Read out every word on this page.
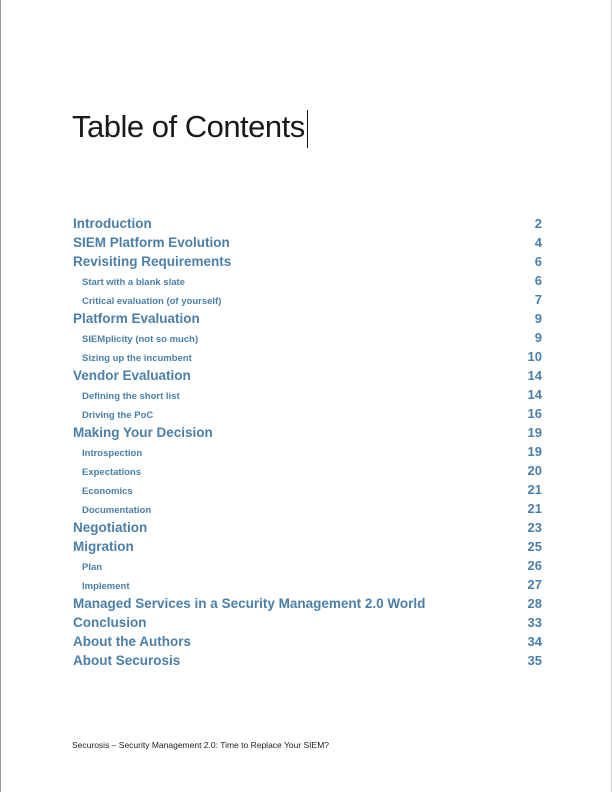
Table of Contents
Introduction	2
SIEM Platform Evolution	4
Revisiting Requirements	6
Start with a blank slate	6
Critical evaluation (of yourself)	7
Platform Evaluation	9
SIEMplicity (not so much)	9
Sizing up the incumbent	10
Vendor Evaluation	14
Defining the short list	14
Driving the PoC	16
Making Your Decision	19
Introspection	19
Expectations	20
Economics	21
Documentation	21
Negotiation	23
Migration	25
Plan	26
Implement	27
Managed Services in a Security Management 2.0 World	28
Conclusion	33
About the Authors	34
About Securosis	35
Securosis – Security Management 2.0: Time to Replace Your SIEM?
